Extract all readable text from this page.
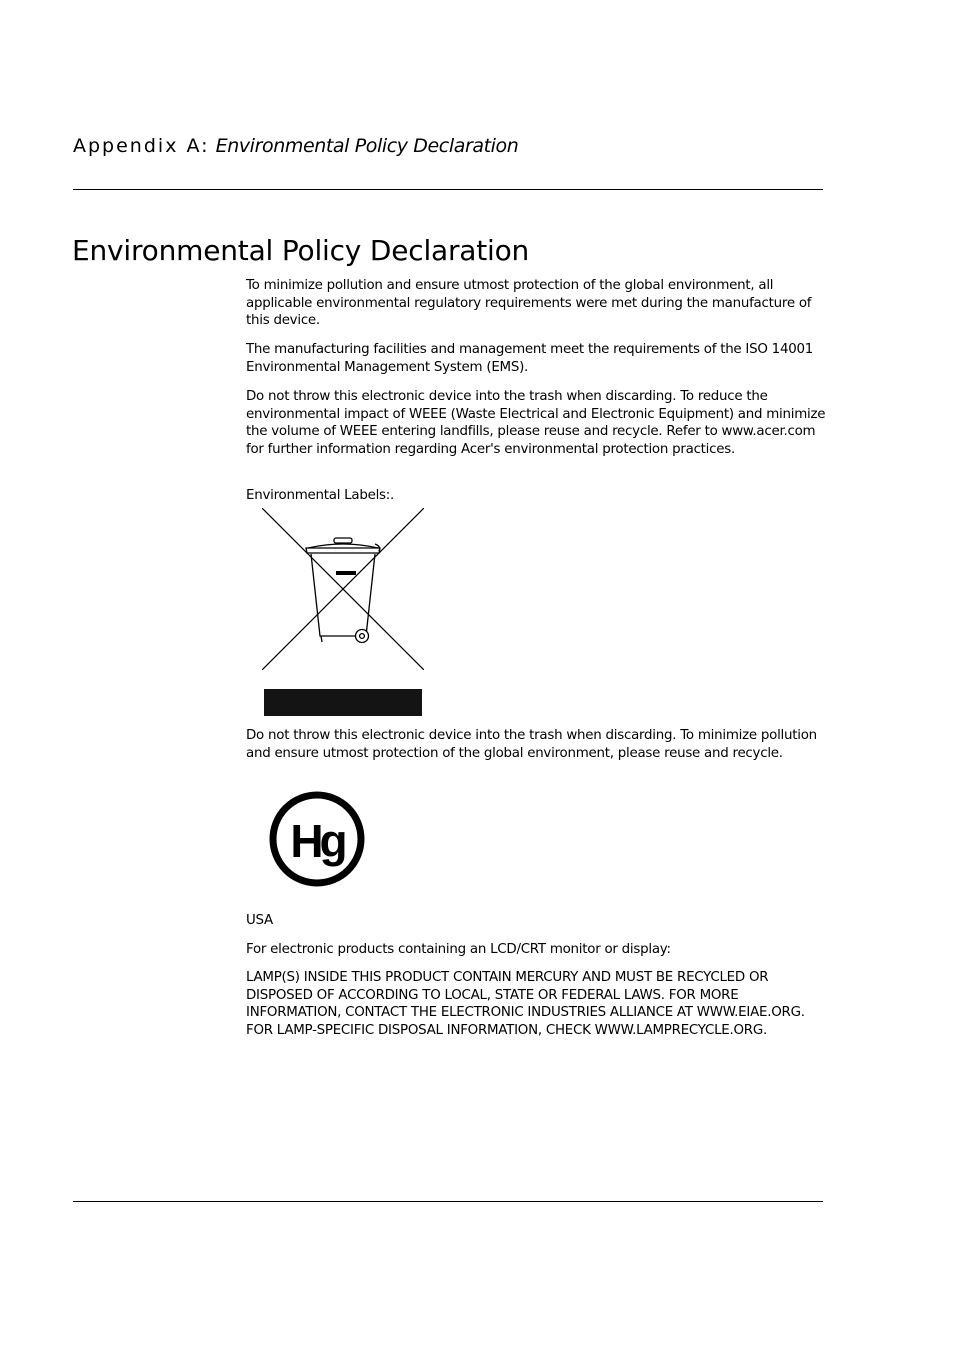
Appendix A: Environmental Policy Declaration
Environmental Policy Declaration

To minimize pollution and ensure utmost protection of the global environment, all applicable environmental regulatory requirements were met during the manufacture of this device.

The manufacturing facilities and management meet the requirements of the ISO 14001 Environmental Management System (EMS).

Do not throw this electronic device into the trash when discarding. To reduce the environmental impact of WEEE (Waste Electrical and Electronic Equipment) and minimize the volume of WEEE entering landfills, please reuse and recycle. Refer to www.acer.com for further information regarding Acer's environmental protection practices.

Environmental Labels:.

Do not throw this electronic device into the trash when discarding. To minimize pollution and ensure utmost protection of the global environment, please reuse and recycle.

Hg

USA

For electronic products containing an LCD/CRT monitor or display:

LAMP(S) INSIDE THIS PRODUCT CONTAIN MERCURY AND MUST BE RECYCLED OR DISPOSED OF ACCORDING TO LOCAL, STATE OR FEDERAL LAWS. FOR MORE INFORMATION, CONTACT THE ELECTRONIC INDUSTRIES ALLIANCE AT WWW.EIAE.ORG. FOR LAMP-SPECIFIC DISPOSAL INFORMATION, CHECK WWW.LAMPRECYCLE.ORG.
